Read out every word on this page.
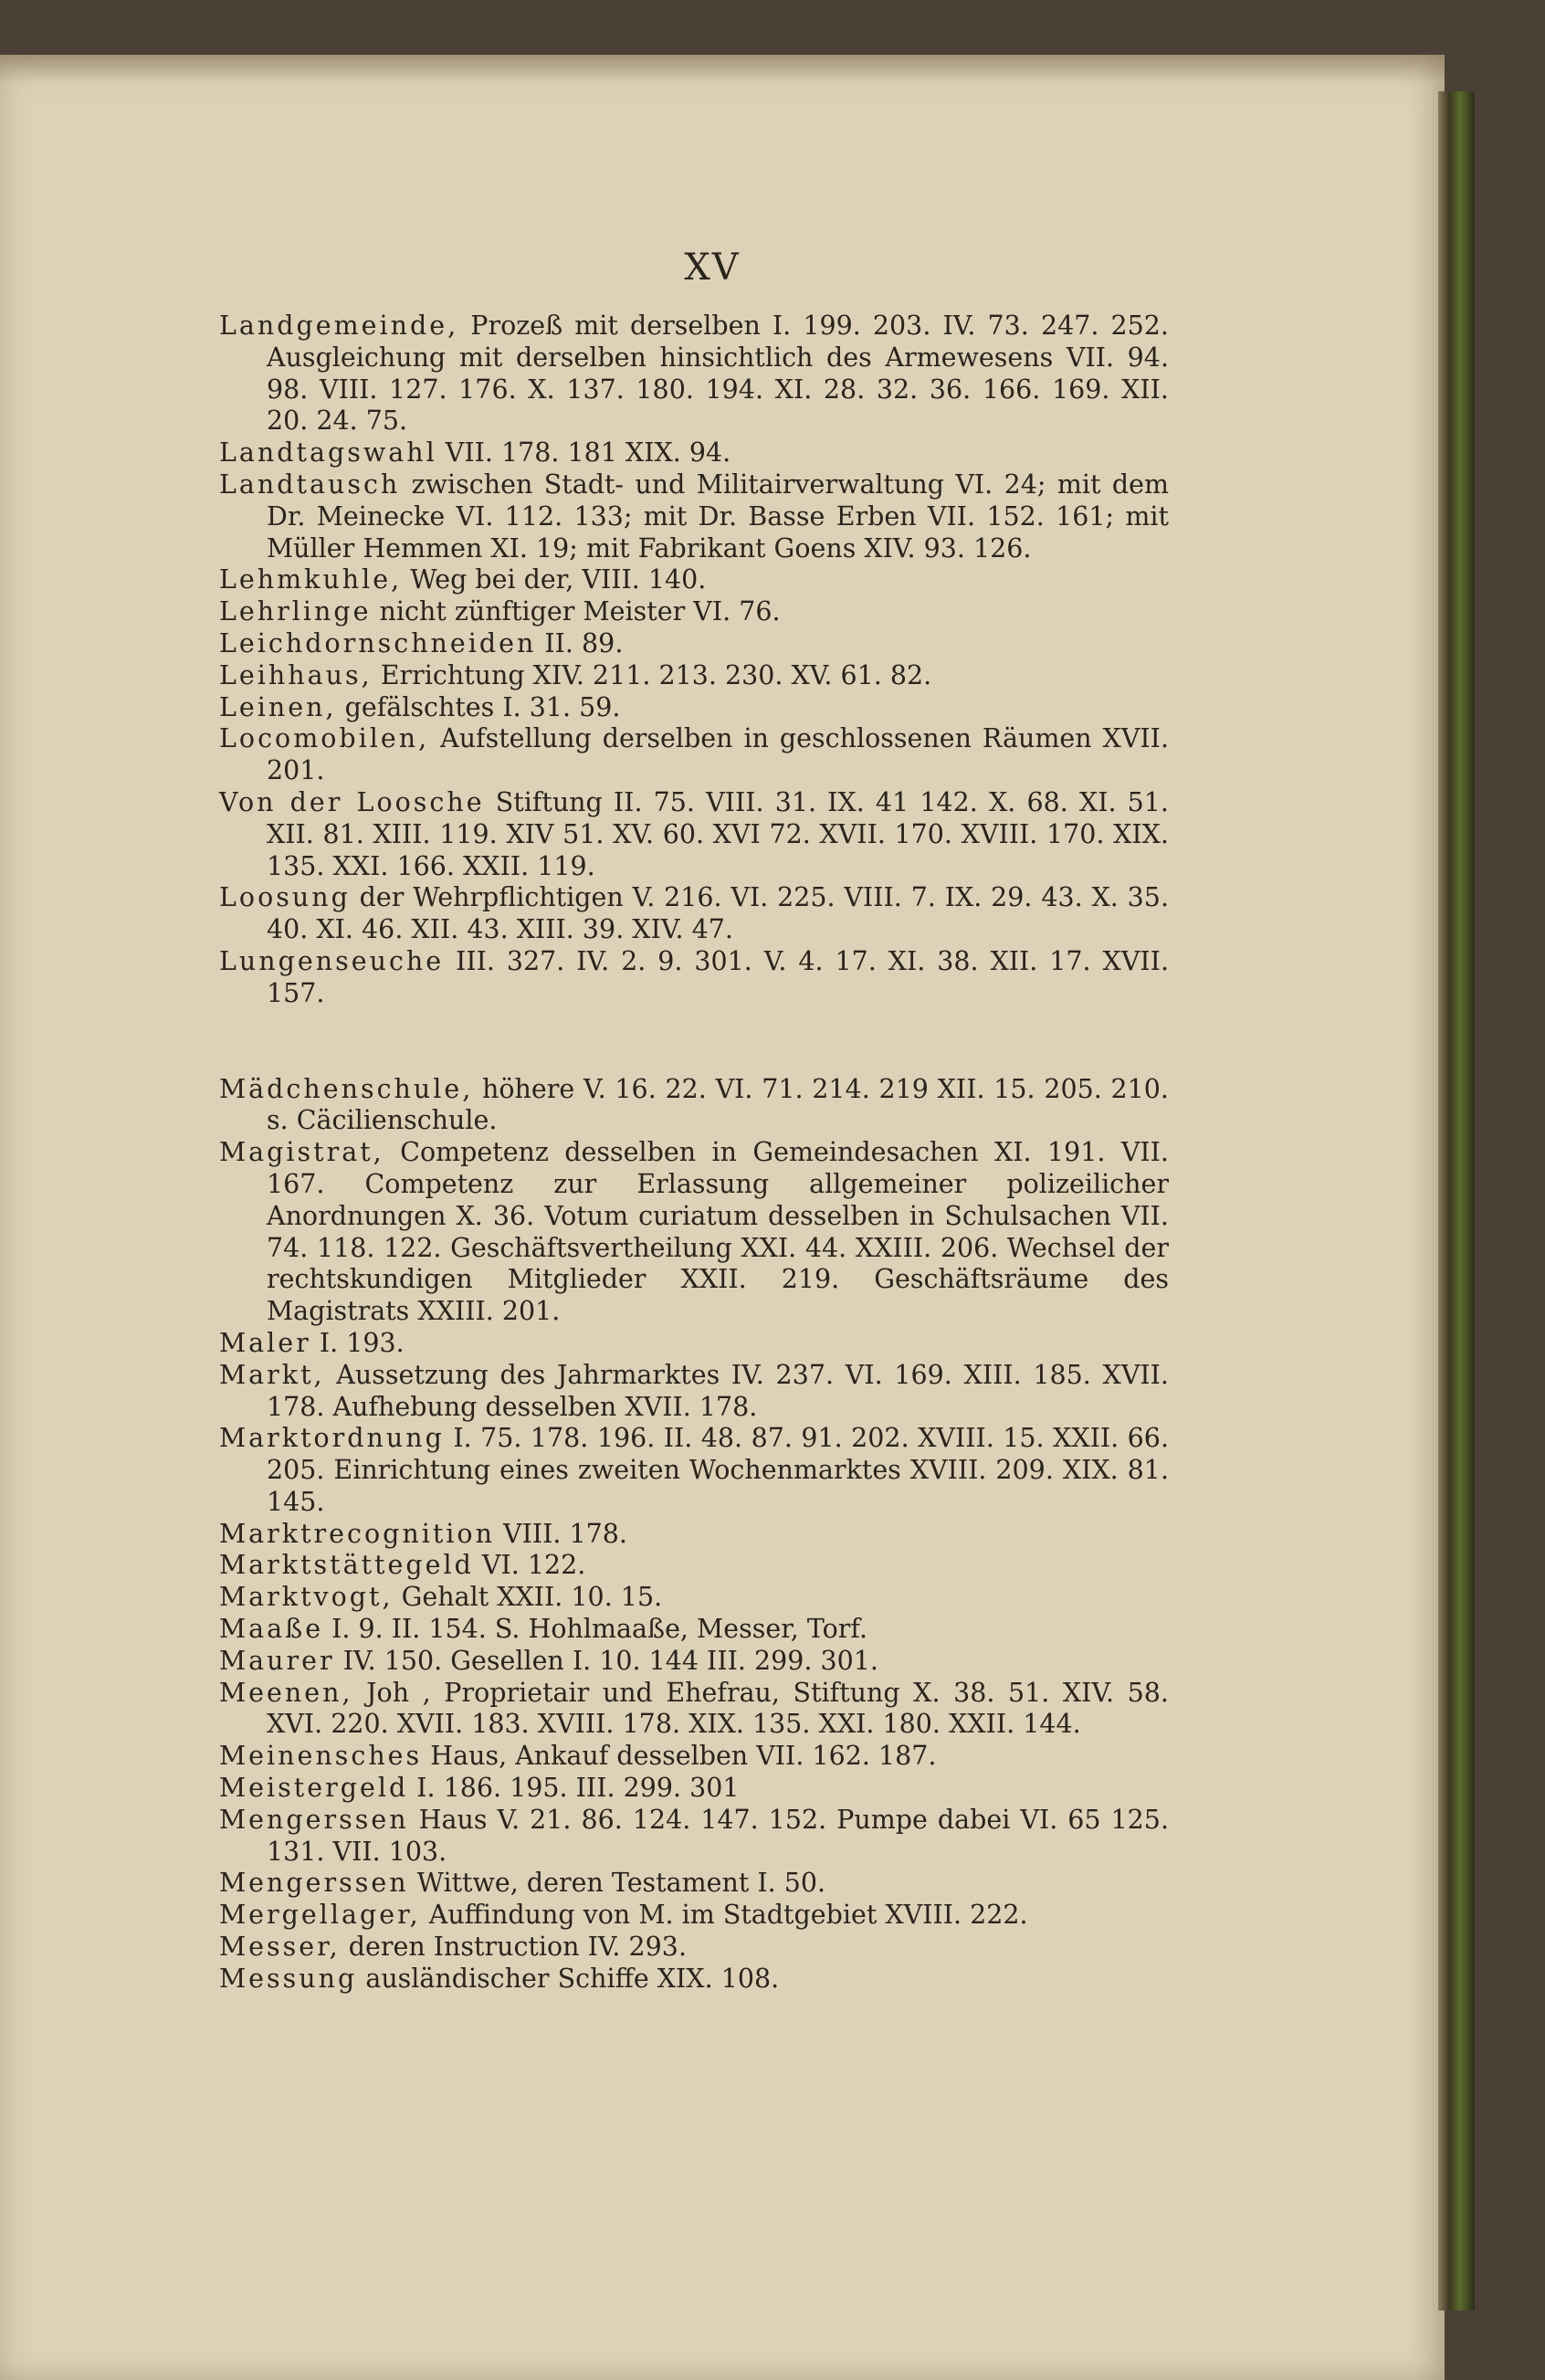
XV

Landgemeinde, Prozeß mit derselben I. 199. 203. IV. 73. 247. 252. Ausgleichung mit derselben hinsichtlich des Armewesens VII. 94. 98. VIII. 127. 176. X. 137. 180. 194. XI. 28. 32. 36. 166. 169. XII. 20. 24. 75.

Landtagswahl VII. 178. 181 XIX. 94.

Landtausch zwischen Stadt- und Militairverwaltung VI. 24; mit dem Dr. Meinecke VI. 112. 133; mit Dr. Basse Erben VII. 152. 161; mit Müller Hemmen XI. 19; mit Fabrikant Goens XIV. 93. 126.

Lehmkuhle, Weg bei der, VIII. 140.

Lehrlinge nicht zünftiger Meister VI. 76.

Leichdornschneiden II. 89.

Leihhaus, Errichtung XIV. 211. 213. 230. XV. 61. 82.

Leinen, gefälschtes I. 31. 59.

Locomobilen, Aufstellung derselben in geschlossenen Räumen XVII. 201.

Von der Loosche Stiftung II. 75. VIII. 31. IX. 41 142. X. 68. XI. 51. XII. 81. XIII. 119. XIV 51. XV. 60. XVI 72. XVII. 170. XVIII. 170. XIX. 135. XXI. 166. XXII. 119.

Loosung der Wehrpflichtigen V. 216. VI. 225. VIII. 7. IX. 29. 43. X. 35. 40. XI. 46. XII. 43. XIII. 39. XIV. 47.

Lungenseuche III. 327. IV. 2. 9. 301. V. 4. 17. XI. 38. XII. 17. XVII. 157.

Mädchenschule, höhere V. 16. 22. VI. 71. 214. 219 XII. 15. 205. 210. s. Cäcilienschule.

Magistrat, Competenz desselben in Gemeindesachen XI. 191. VII. 167. Competenz zur Erlassung allgemeiner polizeilicher Anordnungen X. 36. Votum curiatum desselben in Schulsachen VII. 74. 118. 122. Geschäftsvertheilung XXI. 44. XXIII. 206. Wechsel der rechtskundigen Mitglieder XXII. 219. Geschäftsräume des Magistrats XXIII. 201.

Maler I. 193.

Markt, Aussetzung des Jahrmarktes IV. 237. VI. 169. XIII. 185. XVII. 178. Aufhebung desselben XVII. 178.

Marktordnung I. 75. 178. 196. II. 48. 87. 91. 202. XVIII. 15. XXII. 66. 205. Einrichtung eines zweiten Wochenmarktes XVIII. 209. XIX. 81. 145.

Marktrecognition VIII. 178.

Marktstättegeld VI. 122.

Marktvogt, Gehalt XXII. 10. 15.

Maaße I. 9. II. 154. S. Hohlmaaße, Messer, Torf.

Maurer IV. 150. Gesellen I. 10. 144 III. 299. 301.

Meenen, Joh , Proprietair und Ehefrau, Stiftung X. 38. 51. XIV. 58. XVI. 220. XVII. 183. XVIII. 178. XIX. 135. XXI. 180. XXII. 144.

Meinensches Haus, Ankauf desselben VII. 162. 187.

Meistergeld I. 186. 195. III. 299. 301

Mengerssen Haus V. 21. 86. 124. 147. 152. Pumpe dabei VI. 65 125. 131. VII. 103.

Mengerssen Wittwe, deren Testament I. 50.

Mergellager, Auffindung von M. im Stadtgebiet XVIII. 222.

Messer, deren Instruction IV. 293.

Messung ausländischer Schiffe XIX. 108.
